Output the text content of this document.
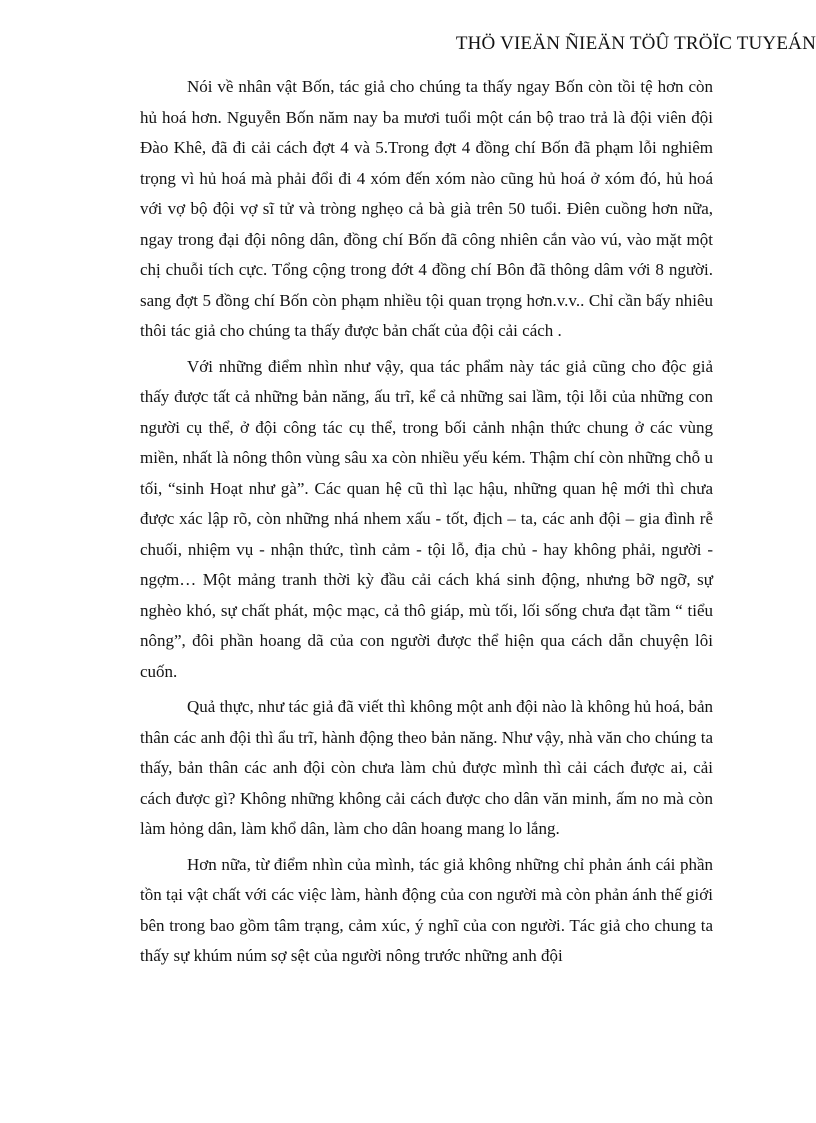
THÖ VIEÄN ÑIEÄN TÖÛ TRÖÏC TUYEÁN

Nói về nhân vật Bốn, tác giả cho chúng ta thấy ngay Bốn còn tồi tệ hơn còn hủ hoá hơn. Nguyễn Bốn năm nay ba mươi tuổi một cán bộ trao trả là đội viên đội Đào Khê, đã đi cải cách đợt 4 và 5.Trong đợt 4 đồng chí Bốn đã phạm lỗi nghiêm trọng vì hủ hoá mà phải đổi đi 4 xóm đến xóm nào cũng hủ hoá ở xóm đó, hủ hoá với vợ bộ đội vợ sĩ tử và tròng nghẹo cả bà già trên 50 tuổi. Điên cuồng hơn nữa, ngay trong đại đội nông dân, đồng chí Bốn đã công nhiên cắn vào vú, vào mặt một chị chuỗi tích cực. Tổng cộng trong đớt 4 đồng chí Bôn đã thông dâm với 8 người. sang đợt 5 đồng chí Bốn còn phạm nhiều tội quan trọng hơn.v.v.. Chỉ cần bấy nhiêu thôi tác giả cho chúng ta thấy được bản chất của đội cải cách .

Với những điểm nhìn như vậy, qua tác phẩm này tác giả cũng cho độc giả thấy được tất cả những bản năng, ấu trĩ, kể cả những sai lầm, tội lỗi của những con người cụ thể, ở đội công tác cụ thể, trong bối cảnh nhận thức chung ở các vùng miền, nhất là nông thôn vùng sâu xa còn nhiều yếu kém. Thậm chí còn những chỗ u tối, “sinh Hoạt như gà”. Các quan hệ cũ thì lạc hậu, những quan hệ mới thì chưa được xác lập rõ, còn những nhá nhem xấu - tốt, địch – ta, các anh đội – gia đình rễ chuối, nhiệm vụ - nhận thức, tình cảm - tội lỗ, địa chủ - hay không phải, người - ngợm… Một mảng tranh thời kỳ đầu cải cách khá sinh động, nhưng bỡ ngỡ, sự nghèo khó, sự chất phát, mộc mạc, cả thô giáp, mù tối, lối sống chưa đạt tầm “ tiểu nông”, đôi phần hoang dã của con người được thể hiện qua cách dẫn chuyện lôi cuốn.

Quả thực, như tác giả đã viết thì không một anh đội nào là không hủ hoá, bản thân các anh đội thì ẩu trĩ, hành động theo bản năng. Như vậy, nhà văn cho chúng ta thấy, bản thân các anh đội còn chưa làm chủ được mình thì cải cách được ai, cải cách được gì? Không những không cải cách được cho dân văn minh, ấm no mà còn làm hỏng dân, làm khổ dân, làm cho dân hoang mang lo lắng.

Hơn nữa, từ điểm nhìn của mình, tác giả không những chỉ phản ánh cái phần tồn tại vật chất với các việc làm, hành động của con người mà còn phản ánh thế giới bên trong bao gồm tâm trạng, cảm xúc, ý nghĩ của con người. Tác giả cho chung ta thấy sự khúm núm sợ sệt của người nông trước những anh đội
